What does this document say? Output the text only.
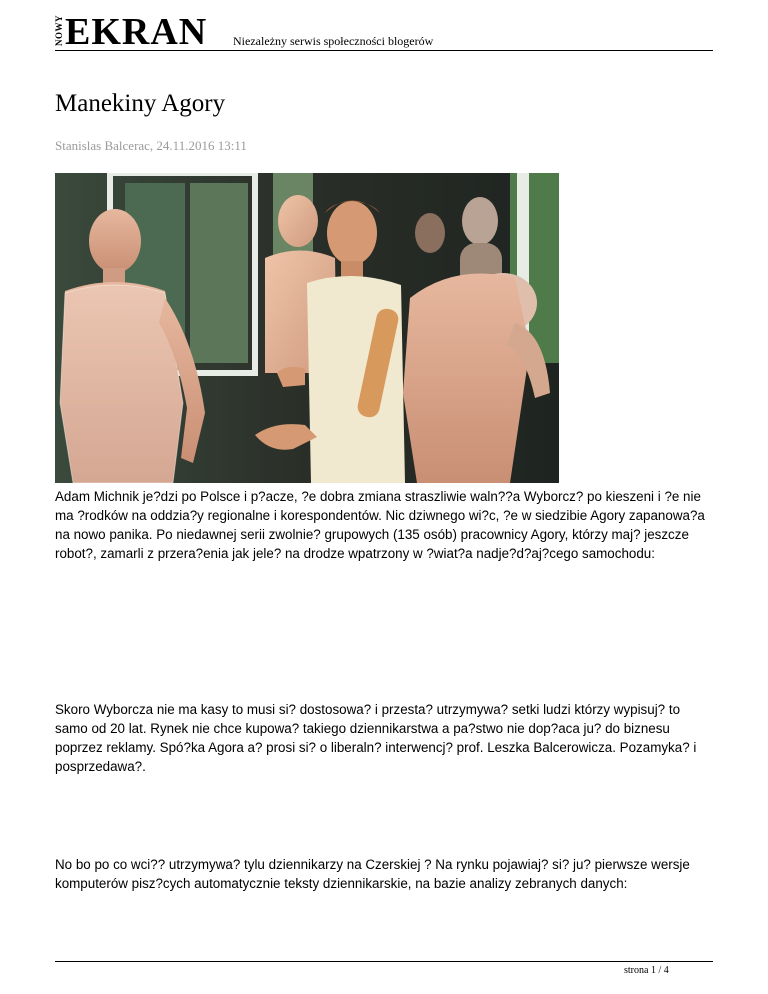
NOWY EKRAN Niezależny serwis społeczności blogerów
Manekiny Agory
Stanislas Balcerac, 24.11.2016 13:11

Adam Michnik je?dzi po Polsce i p?acze, ?e dobra zmiana straszliwie waln??a Wyborcz? po kieszeni i ?e nie ma ?rodków na oddzia?y regionalne i korespondentów. Nic dziwnego wi?c, ?e w siedzibie Agory zapanowa?a na nowo panika. Po niedawnej serii zwolnie? grupowych (135 osób) pracownicy Agory, którzy maj? jeszcze robot?, zamarli z przera?enia jak jele? na drodze wpatrzony w ?wiat?a nadje?d?aj?cego samochodu:

Skoro Wyborcza nie ma kasy to musi si? dostosowa? i przesta? utrzymywa? setki ludzi którzy wypisuj? to samo od 20 lat. Rynek nie chce kupowa? takiego dziennikarstwa a pa?stwo nie dop?aca ju? do biznesu poprzez reklamy. Spó?ka Agora a? prosi si? o liberaln? interwencj? prof. Leszka Balcerowicza. Pozamyka? i posprzedawa?.

No bo po co wci?? utrzymywa? tylu dziennikarzy na Czerskiej ? Na rynku pojawiaj? si? ju? pierwsze wersje komputerów pisz?cych automatycznie teksty dziennikarskie, na bazie analizy zebranych danych:

strona 1 / 4
